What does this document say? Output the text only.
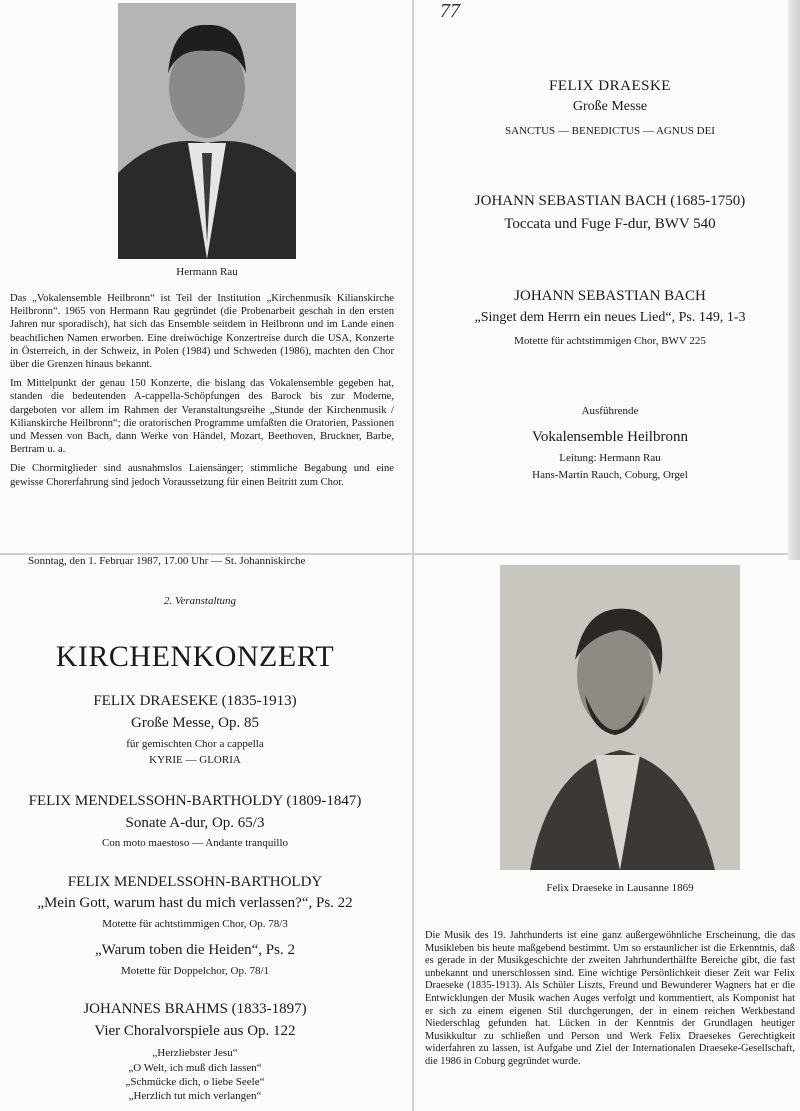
77
Hermann Rau

Das „Vokalensemble Heilbronn“ ist Teil der Institution „Kirchenmusik Kilianskirche Heilbronn“. 1965 von Hermann Rau gegründet (die Probenarbeit geschah in den ersten Jahren nur sporadisch), hat sich das Ensemble seitdem in Heilbronn und im Lande einen beachtlichen Namen erworben. Eine dreiwöchige Konzertreise durch die USA, Konzerte in Österreich, in der Schweiz, in Polen (1984) und Schweden (1986), machten den Chor über die Grenzen hinaus bekannt.

Im Mittelpunkt der genau 150 Konzerte, die bislang das Vokalensemble gegeben hat, standen die bedeutenden A-cappella-Schöpfungen des Barock bis zur Moderne, dargeboten vor allem im Rahmen der Veranstaltungsreihe „Stunde der Kirchenmusik / Kilianskirche Heilbronn“; die oratorischen Programme umfaßten die Oratorien, Passionen und Messen von Bach, dann Werke von Händel, Mozart, Beethoven, Bruckner, Barbe, Bertram u. a.

Die Chormitglieder sind ausnahmslos Laiensänger; stimmliche Begabung und eine gewisse Chorerfahrung sind jedoch Voraussetzung für einen Beitritt zum Chor.

FELIX DRAESKE
Große Messe
SANCTUS — BENEDICTUS — AGNUS DEI
JOHANN SEBASTIAN BACH (1685-1750)
Toccata und Fuge F-dur, BWV 540
JOHANN SEBASTIAN BACH
„Singet dem Herrn ein neues Lied“, Ps. 149, 1-3
Motette für achtstimmigen Chor, BWV 225
Ausführende
Vokalensemble Heilbronn
Leitung: Hermann Rau
Hans-Martin Rauch, Coburg, Orgel
Sonntag, den 1. Februar 1987, 17.00 Uhr — St. Johanniskirche
2. Veranstaltung
KIRCHENKONZERT
FELIX DRAESEKE (1835-1913)
Große Messe, Op. 85
für gemischten Chor a cappella
KYRIE — GLORIA
FELIX MENDELSSOHN-BARTHOLDY (1809-1847)
Sonate A-dur, Op. 65/3
Con moto maestoso — Andante tranquillo
FELIX MENDELSSOHN-BARTHOLDY
„Mein Gott, warum hast du mich verlassen?“, Ps. 22
Motette für achtstimmigen Chor, Op. 78/3
„Warum toben die Heiden“, Ps. 2
Motette für Doppelchor, Op. 78/1
JOHANNES BRAHMS (1833-1897)
Vier Choralvorspiele aus Op. 122
„Herzliebster Jesu“
„O Welt, ich muß dich lassen“
„Schmücke dich, o liebe Seele“
„Herzlich tut mich verlangen“
Felix Draeseke in Lausanne 1869
Die Musik des 19. Jahrhunderts ist eine ganz außergewöhnliche Erscheinung, die das Musikleben bis heute maßgebend bestimmt. Um so erstaunlicher ist die Erkenntnis, daß es gerade in der Musikgeschichte der zweiten Jahrhunderthälfte Bereiche gibt, die fast unbekannt und unerschlossen sind. Eine wichtige Persönlichkeit dieser Zeit war Felix Draeseke (1835-1913). Als Schüler Liszts, Freund und Bewunderer Wagners hat er die Entwicklungen der Musik wachen Auges verfolgt und kommentiert, als Komponist hat er sich zu einem eigenen Stil durchgerungen, der in einem reichen Werkbestand Niederschlag gefunden hat. Lücken in der Kenntnis der Grundlagen heutiger Musikkultur zu schließen und Person und Werk Felix Draesekes Gerechtigkeit widerfahren zu lassen, ist Aufgabe und Ziel der Internationalen Draeseke-Gesellschaft, die 1986 in Coburg gegründet wurde.
